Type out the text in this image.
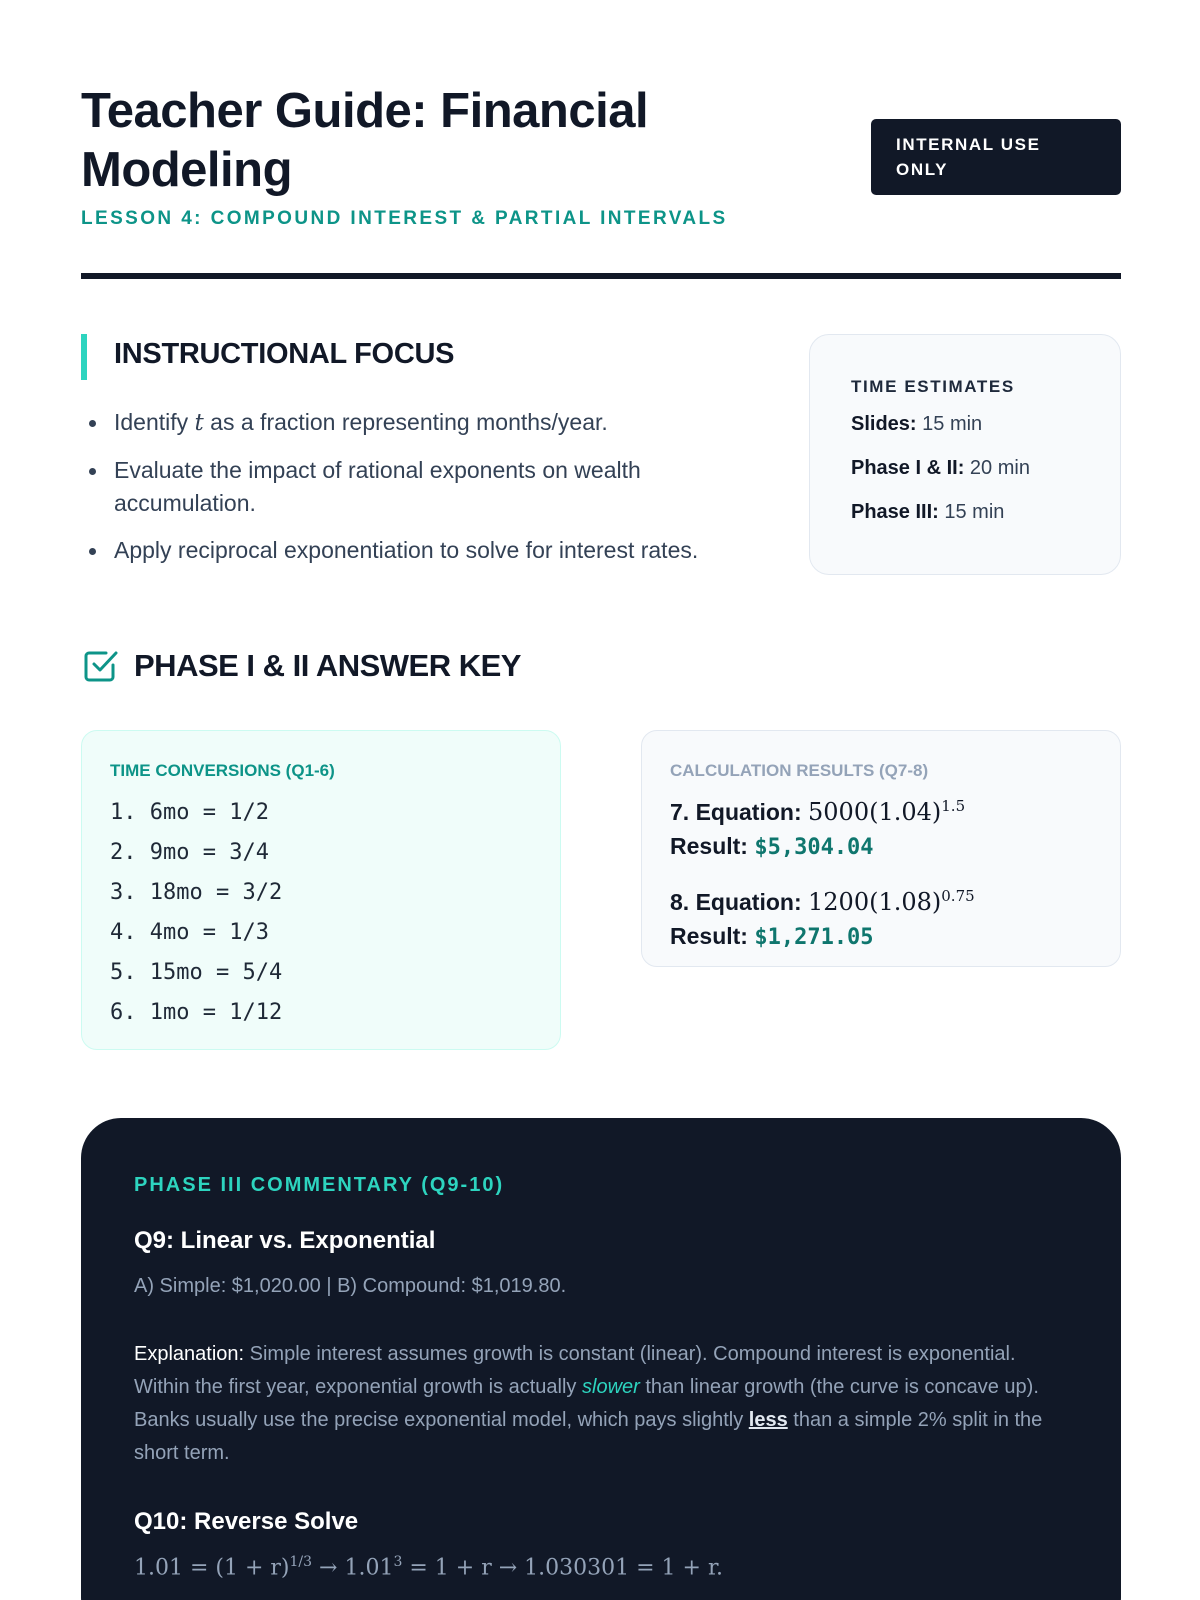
Teacher Guide: Financial Modeling
LESSON 4: COMPOUND INTEREST & PARTIAL INTERVALS
INTERNAL USE ONLY
INSTRUCTIONAL FOCUS
Identify t as a fraction representing months/year.
Evaluate the impact of rational exponents on wealth accumulation.
Apply reciprocal exponentiation to solve for interest rates.
TIME ESTIMATES
Slides: 15 min
Phase I & II: 20 min
Phase III: 15 min
PHASE I & II ANSWER KEY
TIME CONVERSIONS (Q1-6)
1. 6mo = 1/2
2. 9mo = 3/4
3. 18mo = 3/2
4. 4mo = 1/3
5. 15mo = 5/4
6. 1mo = 1/12
CALCULATION RESULTS (Q7-8)
7. Equation: $5000(1.04)^{1.5}$
Result: $5,304.04
8. Equation: $1200(1.08)^{0.75}$
Result: $1,271.05
PHASE III COMMENTARY (Q9-10)
Q9: Linear vs. Exponential
A) Simple: $1,020.00 | B) Compound: $1,019.80.
Explanation: Simple interest assumes growth is constant (linear). Compound interest is exponential. Within the first year, exponential growth is actually slower than linear growth (the curve is concave up). Banks usually use the precise exponential model, which pays slightly less than a simple 2% split in the short term.
Q10: Reverse Solve
$1.01 = (1 + r)^{1/3} \to 1.01^3 = 1 + r \to 1.030301 = 1 + r$.
